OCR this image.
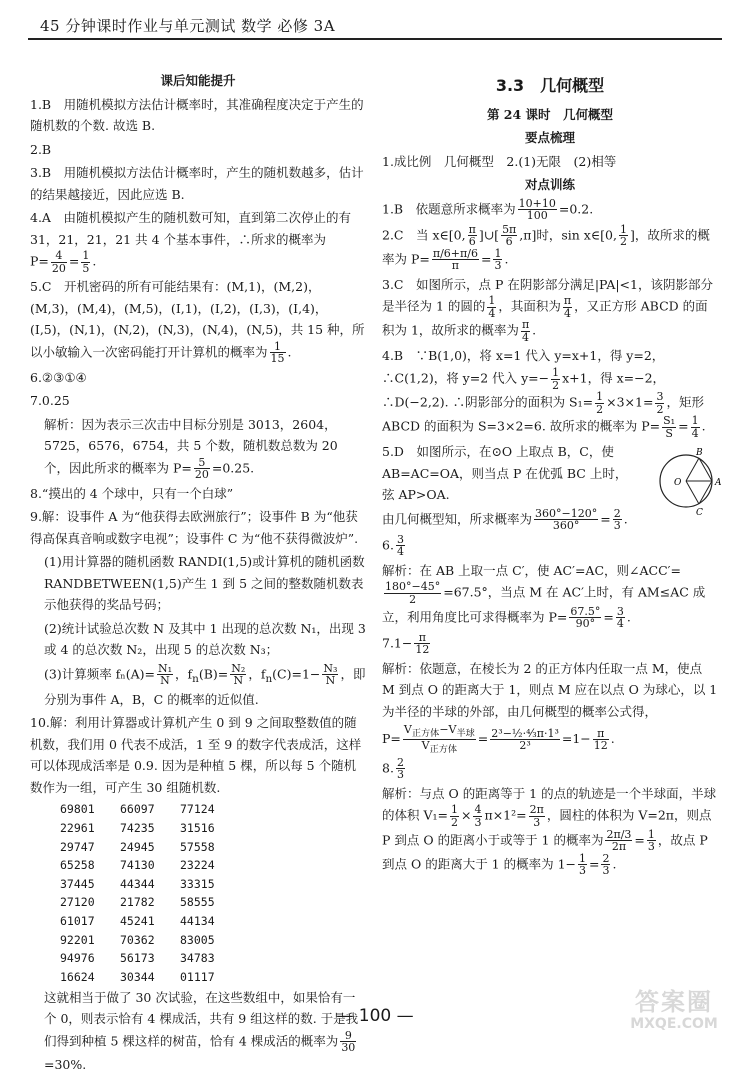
45 分钟课时作业与单元测试 数学 必修 3A

课后知能提升

1.B　用随机模拟方法估计概率时，其准确程度决定于产生的随机数的个数. 故选 B.

2.B

3.B　用随机模拟方法估计概率时，产生的随机数越多，估计的结果越接近，因此应选 B.

4.A　由随机模拟产生的随机数可知，直到第二次停止的有 31，21，21，21 共 4 个基本事件，∴所求的概率为
$P= \frac{4}{20} = \frac{1}{5}$ .

5.C　开机密码的所有可能结果有：(M,1)，(M,2)，(M,3)，(M,4)，(M,5)，(I,1)，(I,2)，(I,3)，(I,4)，(I,5)，(N,1)，(N,2)，(N,3)，(N,4)，(N,5)，共 15 种，所以小敏输入一次密码能打开计算机的概率为 $\frac{1}{15}$ .

6.②③①④

7.0.25

解析：因为表示三次击中目标分别是 3013，2604，5725，6576，6754，共 5 个数，随机数总数为 20 个，因此所求的概率为 $P= \frac{5}{20} =0.25$.

8.“摸出的 4 个球中，只有一个白球”

9.解：设事件 A 为“他获得去欧洲旅行”；设事件 B 为“他获得高保真音响或数字电视”；设事件 C 为“他不获得微波炉”.

(1)用计算器的随机函数 RANDI(1,5)或计算机的随机函数 RANDBETWEEN(1,5)产生 1 到 5 之间的整数随机数表示他获得的奖品号码；

(2)统计试验总次数 N 及其中 1 出现的总次数 N₁，出现 3 或 4 的总次数 N₂，出现 5 的总次数 N₃；

(3)计算频率 $f_n(A)= \frac{\text{N₁}}{N}$ ，$f_n(B)= \frac{\text{N₂}}{N}$ ，$f_n(C)=1- \frac{\text{N₃}}{N}$ ，即分别为事件 A，B，C 的概率的近似值.

10.解：利用计算器或计算机产生 0 到 9 之间取整数值的随机数，我们用 0 代表不成活，1 至 9 的数字代表成活，这样可以体现成活率是 0.9. 因为是种植 5 棵，所以每 5 个随机数作为一组，可产生 30 组随机数.

69801 66097 77124
22961 74235 31516
29747 24945 57558
65258 74130 23224
37445 44344 33315
27120 21782 58555
61017 45241 44134
92201 70362 83005
94976 56173 34783
16624 30344 01117

这就相当于做了 30 次试验，在这些数组中，如果恰有一个 0，则表示恰有 4 棵成活，共有 9 组这样的数. 于是我们得到种植 5 棵这样的树苗，恰有 4 棵成活的概率为 $\frac{9}{30}$
=30%.

3.3　几何概型

第 24 课时　几何概型

要点梳理

1.成比例　几何概型　2.(1)无限　(2)相等

对点训练

1.B　依题意所求概率为 $\frac{10+10}{100} =0.2$.

2.C　当 x∈[0, $\frac{\pi}{6}$ ]∪[ $\frac{5\pi}{6} ,\pi$]时，sin x∈[0, $\frac{1}{2}$ ]，故所求的概率为 $P= \frac{\pi/6+\pi/6}{\pi} = \frac{1}{3}$ .

3.C　如图所示，点 P 在阴影部分满足|PA|<1，该阴影部分是半径为 1 的圆的 $\frac{1}{4}$ ，其面积为 $\frac{\pi}{4}$ ，又正方形 ABCD 的面积为 1，故所求的概率为 $\frac{\pi}{4}$ .

4.B　∵B(1,0)，将 x=1 代入 y=x+1，得 y=2，∴C(1,2)，将 y=2 代入 $y=- \frac{1}{2} x+1$，得 x=−2，∴D(−2,2). ∴阴影部分的面积为 $S_1= \frac{1}{2} \times 3\times 1= \frac{3}{2}$ ，矩形 ABCD 的面积为 S=3×2=6. 故所求的概率为 $P= \frac{\text{S₁}}{S} = \frac{1}{4}$ .

B
O	A
C

5.D　如图所示，在⊙O 上取点 B，C，使 AB=AC=OA，则当点 P 在优弧 BC 上时，弦 AP>OA.

由几何概型知，所求概率为 $\frac{360^\circ-120^\circ}{360^\circ} = \frac{2}{3}$ .

6. $\frac{3}{4}$

解析：在 AB 上取一点 C′，使 AC′=AC，则∠ACC′=
$\frac{180^\circ-45^\circ}{2} =67.5^\circ$，当点 M 在 AC′上时，有 AM≤AC 成立，利用角度比可求得概率为 $P= \frac{67.5^\circ}{90^\circ} = \frac{3}{4}$ .

$7.1- \frac{\pi}{12}$

解析：依题意，在棱长为 2 的正方体内任取一点 M，使点 M 到点 O 的距离大于 1，则点 M 应在以点 O 为球心，以 1 为半径的半球的外部，由几何概型的概率公式得，

$P= \frac{V_{正方体}-V_{半球}}{V_{正方体}} = \frac{\text{2³−½·⁴⁄₃π·1³}}{\text{2³}} =1- \frac{\pi}{12}$ .

8. $\frac{2}{3}$

解析：与点 O 的距离等于 1 的点的轨迹是一个半球面，半球的体积 $V_1= \frac{1}{2} \times \frac{4}{3} \pi\times 1^2= \frac{2\pi}{3}$ ，圆柱的体积为 V=2π，则点 P 到点 O 的距离小于或等于 1 的概率为 $\frac{2\pi/3}{2\pi} = \frac{1}{3}$ ，故点 P 到点 O 的距离大于 1 的概率为 $1- \frac{1}{3} = \frac{2}{3}$ .

— 100 —	答案圈
MXQE.COM
